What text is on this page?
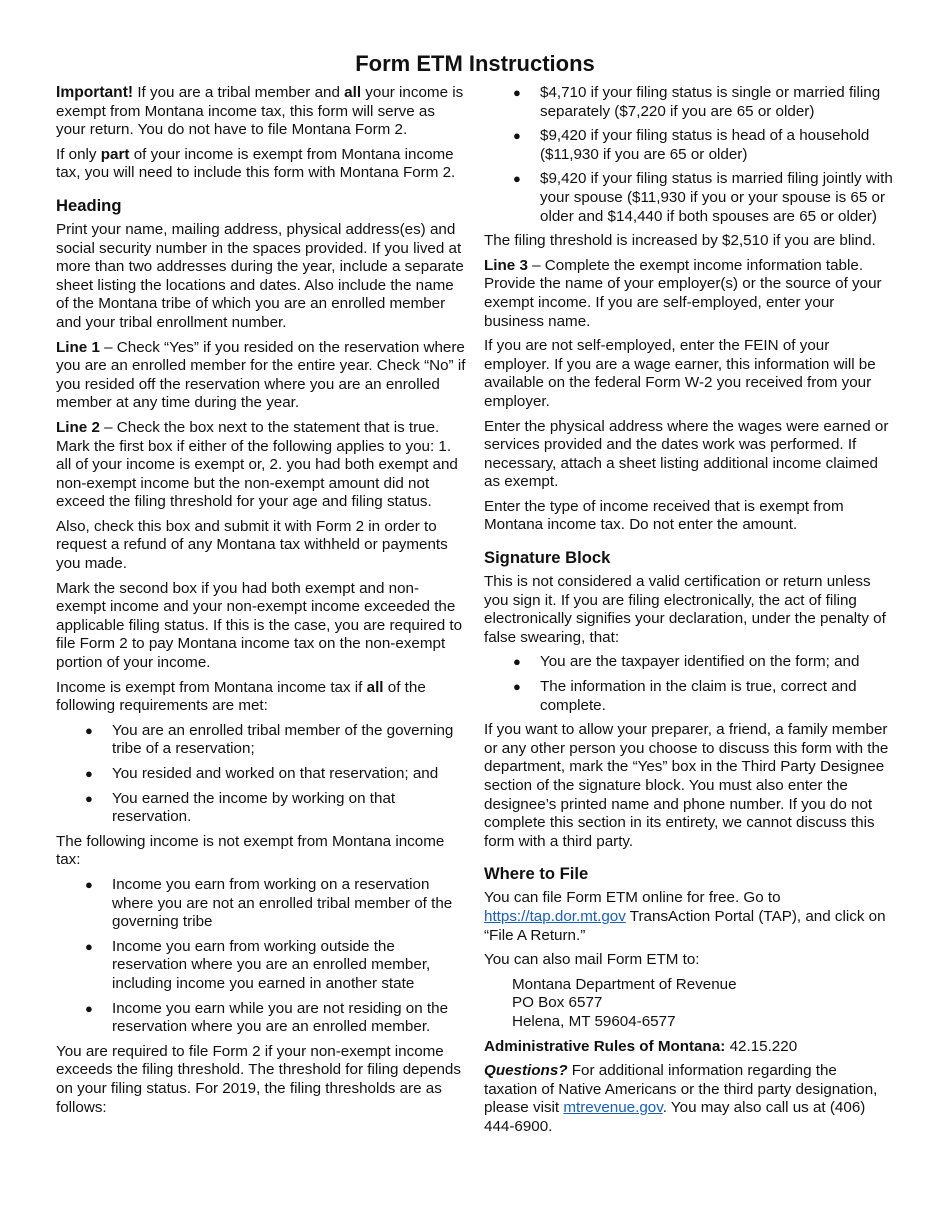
Form ETM Instructions

Important! If you are a tribal member and all your income is exempt from Montana income tax, this form will serve as your return. You do not have to file Montana Form 2.

If only part of your income is exempt from Montana income tax, you will need to include this form with Montana Form 2.

Heading

Print your name, mailing address, physical address(es) and social security number in the spaces provided. If you lived at more than two addresses during the year, include a separate sheet listing the locations and dates. Also include the name of the Montana tribe of which you are an enrolled member and your tribal enrollment number.

Line 1 – Check “Yes” if you resided on the reservation where you are an enrolled member for the entire year. Check “No” if you resided off the reservation where you are an enrolled member at any time during the year.

Line 2 – Check the box next to the statement that is true. Mark the first box if either of the following applies to you: 1. all of your income is exempt or, 2. you had both exempt and non-exempt income but the non-exempt amount did not exceed the filing threshold for your age and filing status.

Also, check this box and submit it with Form 2 in order to request a refund of any Montana tax withheld or payments you made.

Mark the second box if you had both exempt and non-exempt income and your non-exempt income exceeded the applicable filing status. If this is the case, you are required to file Form 2 to pay Montana income tax on the non-exempt portion of your income.

Income is exempt from Montana income tax if all of the following requirements are met:

● You are an enrolled tribal member of the governing tribe of a reservation;
● You resided and worked on that reservation; and
● You earned the income by working on that reservation.

The following income is not exempt from Montana income tax:

● Income you earn from working on a reservation where you are not an enrolled tribal member of the governing tribe
● Income you earn from working outside the reservation where you are an enrolled member, including income you earned in another state
● Income you earn while you are not residing on the reservation where you are an enrolled member.

You are required to file Form 2 if your non-exempt income exceeds the filing threshold. The threshold for filing depends on your filing status. For 2019, the filing thresholds are as follows:

● $4,710 if your filing status is single or married filing separately ($7,220 if you are 65 or older)
● $9,420 if your filing status is head of a household ($11,930 if you are 65 or older)
● $9,420 if your filing status is married filing jointly with your spouse ($11,930 if you or your spouse is 65 or older and $14,440 if both spouses are 65 or older)

The filing threshold is increased by $2,510 if you are blind.

Line 3 – Complete the exempt income information table. Provide the name of your employer(s) or the source of your exempt income. If you are self-employed, enter your business name.

If you are not self-employed, enter the FEIN of your employer. If you are a wage earner, this information will be available on the federal Form W-2 you received from your employer.

Enter the physical address where the wages were earned or services provided and the dates work was performed. If necessary, attach a sheet listing additional income claimed as exempt.

Enter the type of income received that is exempt from Montana income tax. Do not enter the amount.

Signature Block

This is not considered a valid certification or return unless you sign it. If you are filing electronically, the act of filing electronically signifies your declaration, under the penalty of false swearing, that:

● You are the taxpayer identified on the form; and
● The information in the claim is true, correct and complete.

If you want to allow your preparer, a friend, a family member or any other person you choose to discuss this form with the department, mark the “Yes” box in the Third Party Designee section of the signature block. You must also enter the designee’s printed name and phone number. If you do not complete this section in its entirety, we cannot discuss this form with a third party.

Where to File

You can file Form ETM online for free. Go to https://tap.dor.mt.gov TransAction Portal (TAP), and click on “File A Return.”

You can also mail Form ETM to:

Montana Department of Revenue
PO Box 6577
Helena, MT 59604-6577

Administrative Rules of Montana: 42.15.220

Questions? For additional information regarding the taxation of Native Americans or the third party designation, please visit mtrevenue.gov. You may also call us at (406) 444-6900.
